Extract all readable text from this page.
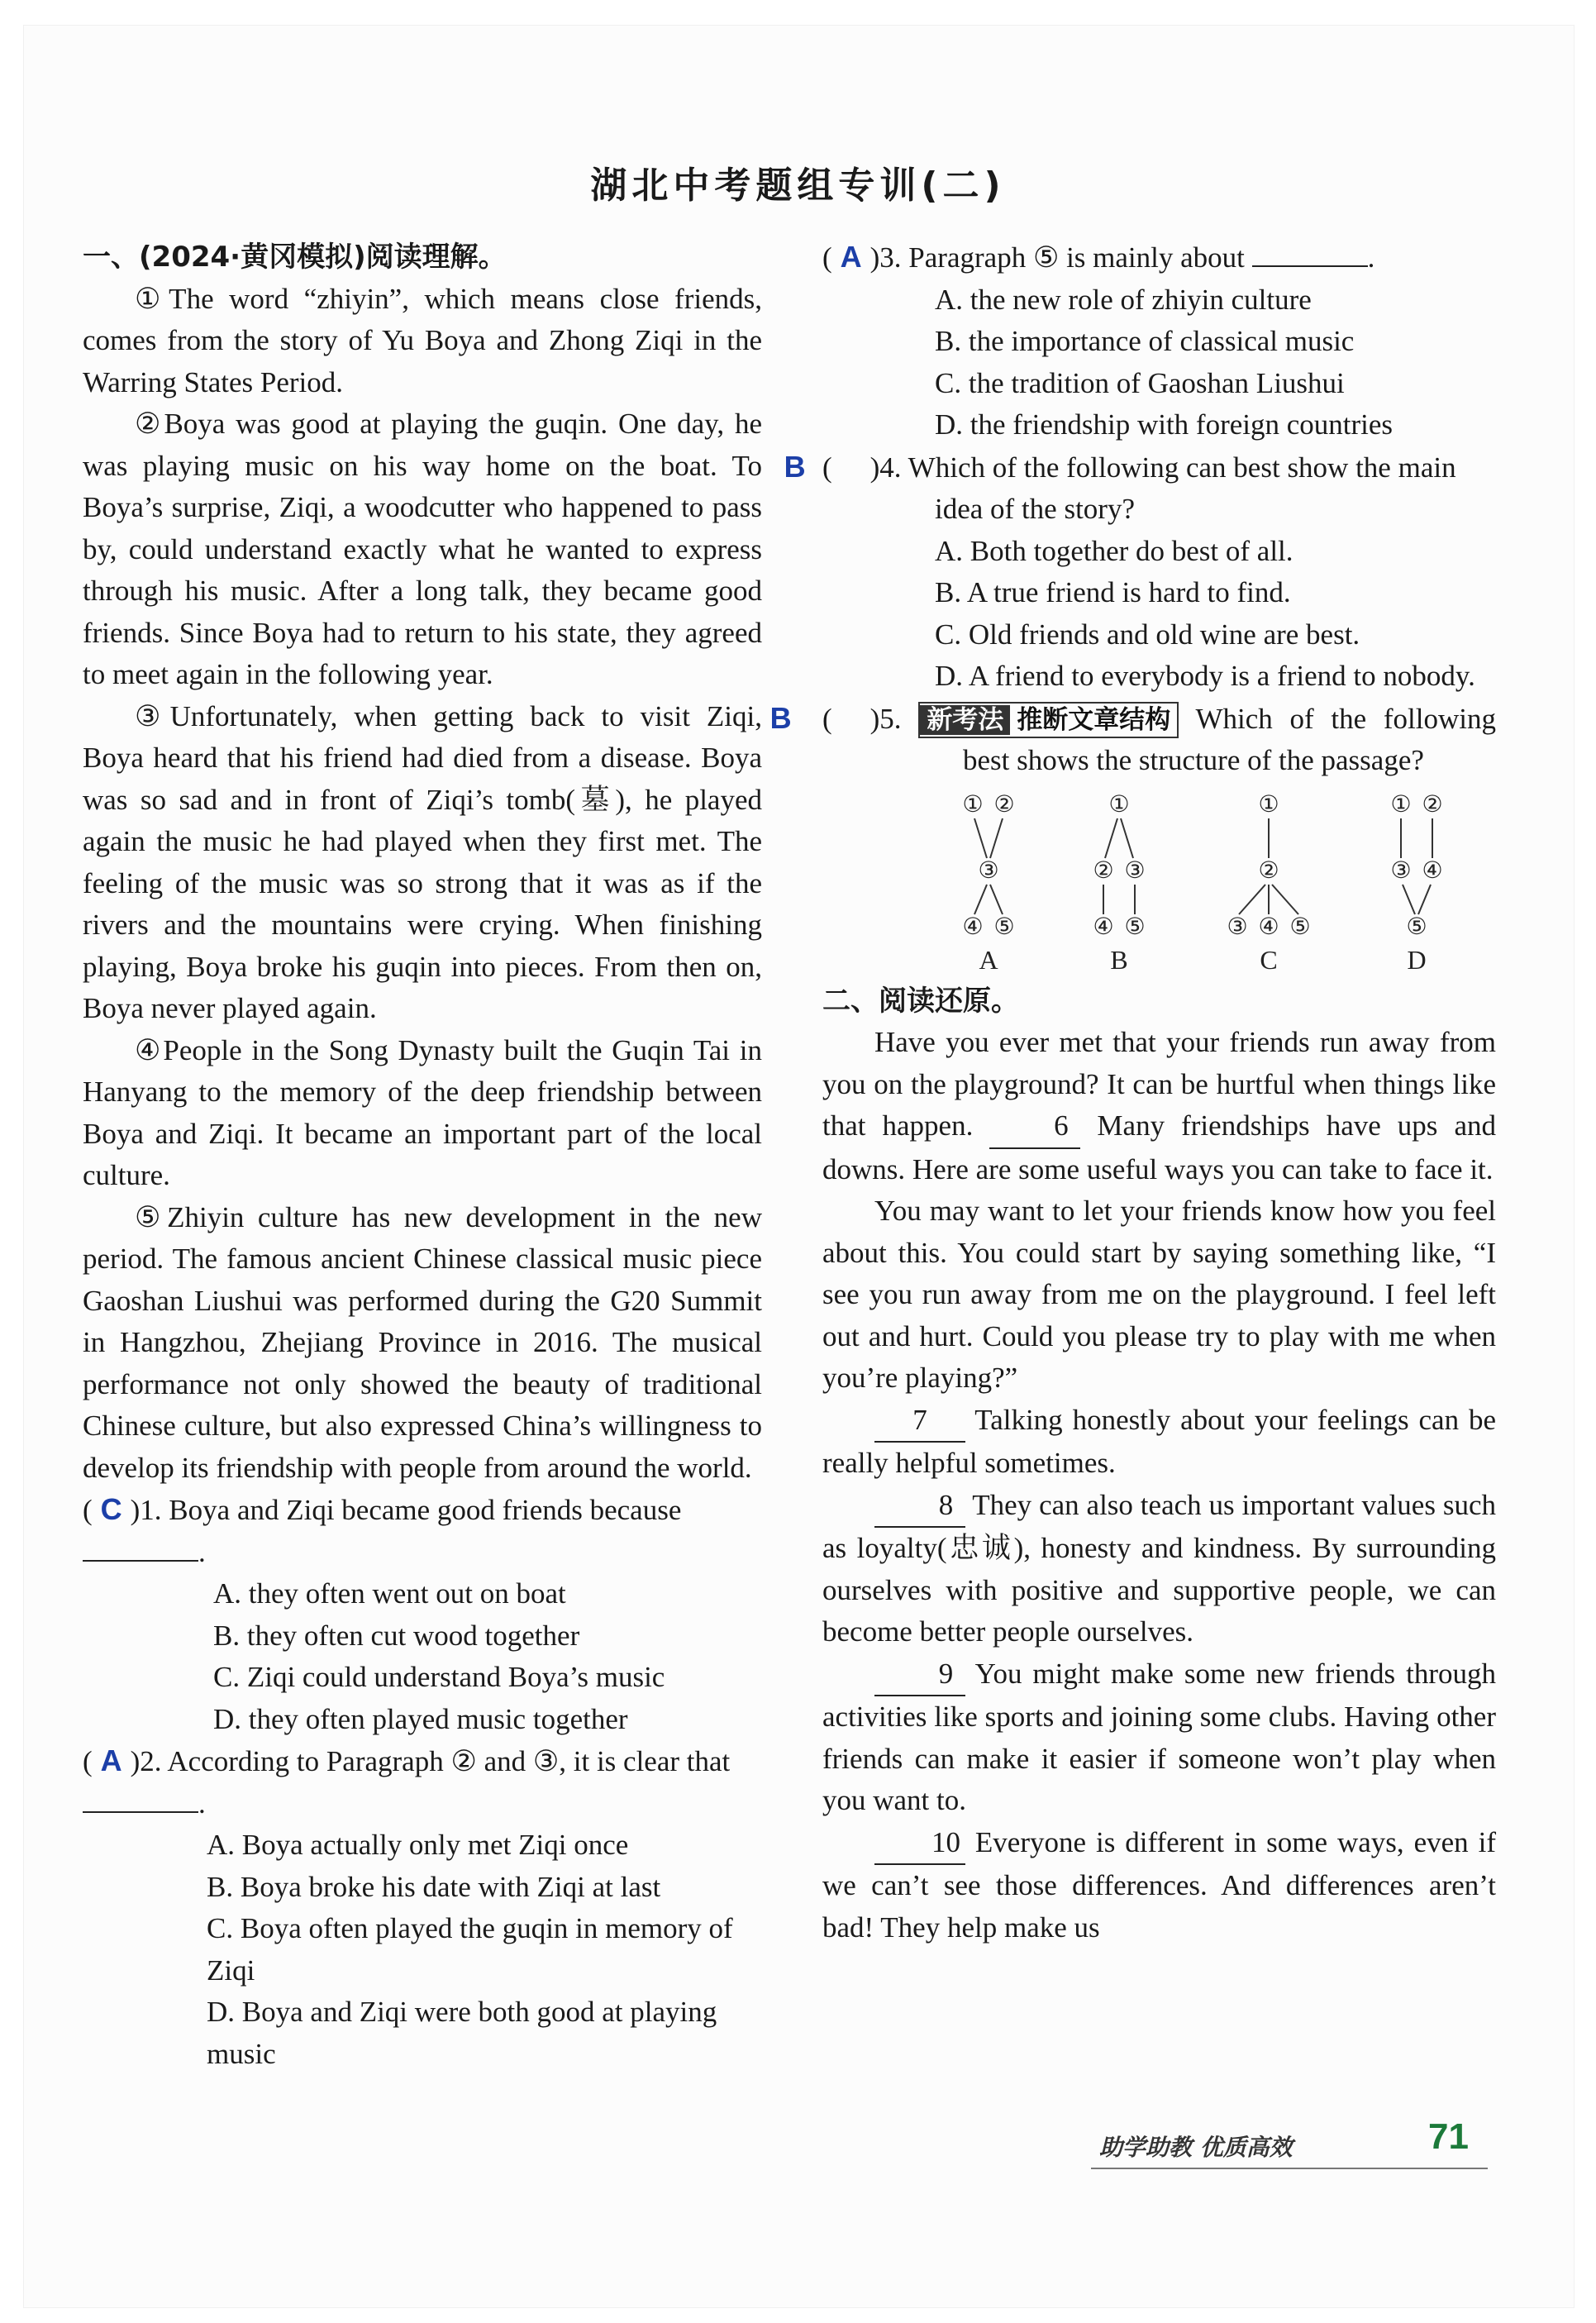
湖北中考题组专训(二)
一、(2024·黄冈模拟)阅读理解。

①The word “zhiyin”, which means close friends, comes from the story of Yu Boya and Zhong Ziqi in the Warring States Period.

②Boya was good at playing the guqin. One day, he was playing music on his way home on the boat. To Boya’s surprise, Ziqi, a woodcutter who happened to pass by, could understand exactly what he wanted to express through his music. After a long talk, they became good friends. Since Boya had to return to his state, they agreed to meet again in the following year.

③Unfortunately, when getting back to visit Ziqi, Boya heard that his friend had died from a disease. Boya was so sad and in front of Ziqi’s tomb(墓), he played again the music he had played when they first met. The feeling of the music was so strong that it was as if the rivers and the mountains were crying. When finishing playing, Boya broke his guqin into pieces. From then on, Boya never played again.

④People in the Song Dynasty built the Guqin Tai in Hanyang to the memory of the deep friendship between Boya and Ziqi. It became an important part of the local culture.

⑤Zhiyin culture has new development in the new period. The famous ancient Chinese classical music piece Gaoshan Liushui was performed during the G20 Summit in Hangzhou, Zhejiang Province in 2016. The musical performance not only showed the beauty of traditional Chinese culture, but also expressed China’s willingness to develop its friendship with people from around the world.

( C )1. Boya and Ziqi became good friends because .

A. they often went out on boat

B. they often cut wood together

C. Ziqi could understand Boya’s music

D. they often played music together

( A )2. According to Paragraph ② and ③, it is clear that .

A. Boya actually only met Ziqi once

B. Boya broke his date with Ziqi at last

C. Boya often played the guqin in memory of Ziqi

D. Boya and Ziqi were both good at playing music

( A )3. Paragraph ⑤ is mainly about	.

A. the new role of zhiyin culture

B. the importance of classical music

C. the tradition of Gaoshan Liushui

D. the friendship with foreign countries

(B )4. Which of the following can best show the main idea of the story?

A. Both together do best of all.

B. A true friend is hard to find.

C. Old friends and old wine are best.

D. A friend to everybody is a friend to nobody.

(B	)5. 新考法 推断文章结构 Which of the following best shows the structure of the passage?
① ②
③
④ ⑤
A
①
② ③
④ ⑤
B
①
②
③ ④ ⑤
C
① ②
③ ④
⑤
D
二、阅读还原。

Have you ever met that your friends run away from you on the playground? It can be hurtful when things like that happen. 6 Many friendships have ups and downs. Here are some useful ways you can take to face it.

You may want to let your friends know how you feel about this. You could start by saying something like, “I see you run away from me on the playground. I feel left out and hurt. Could you please try to play with me when you’re playing?”

7 Talking honestly about your feelings can be really helpful sometimes.

8 They can also teach us important values such as loyalty(忠诚), honesty and kindness. By surrounding ourselves with positive and supportive people, we can become better people ourselves.

9 You might make some new friends through activities like sports and joining some clubs. Having other friends can make it easier if someone won’t play when you want to.

10 Everyone is different in some ways, even if we can’t see those differences. And differences aren’t bad! They help make us

助学助教 优质高效	71
